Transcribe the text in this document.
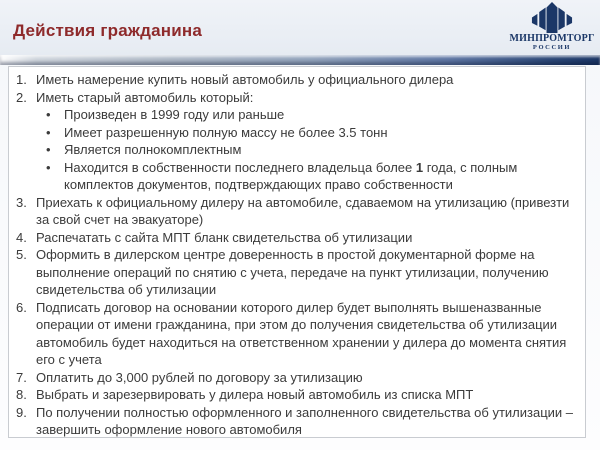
Действия гражданина	МИНПРОМТОРГ
РОССИИ
1. Иметь намерение купить новый автомобиль у официального дилера
2. Иметь старый автомобиль который:
•	Произведен в 1999 году или раньше
•	Имеет разрешенную полную массу не более 3.5 тонн
•	Является полнокомплектным
•	Находится в собственности последнего владельца более 1 года, с полным комплектов документов, подтверждающих право собственности
3. Приехать к официальному дилеру на автомобиле, сдаваемом на утилизацию (привезти за свой счет на эвакуаторе)
4. Распечатать с сайта МПТ бланк свидетельства об утилизации
5. Оформить в дилерском центре доверенность в простой документарной форме на выполнение операций по снятию с учета, передаче на пункт утилизации, получению свидетельства об утилизации
6. Подписать договор на основании которого дилер будет выполнять вышеназванные операции от имени гражданина, при этом до получения свидетельства об утилизации автомобиль будет находиться на ответственном хранении у дилера до момента снятия его с учета
7. Оплатить до 3,000 рублей по договору за утилизацию
8. Выбрать и зарезервировать у дилера новый автомобиль из списка МПТ
9. По получении полностью оформленного и заполненного свидетельства об утилизации – завершить оформление нового автомобиля
